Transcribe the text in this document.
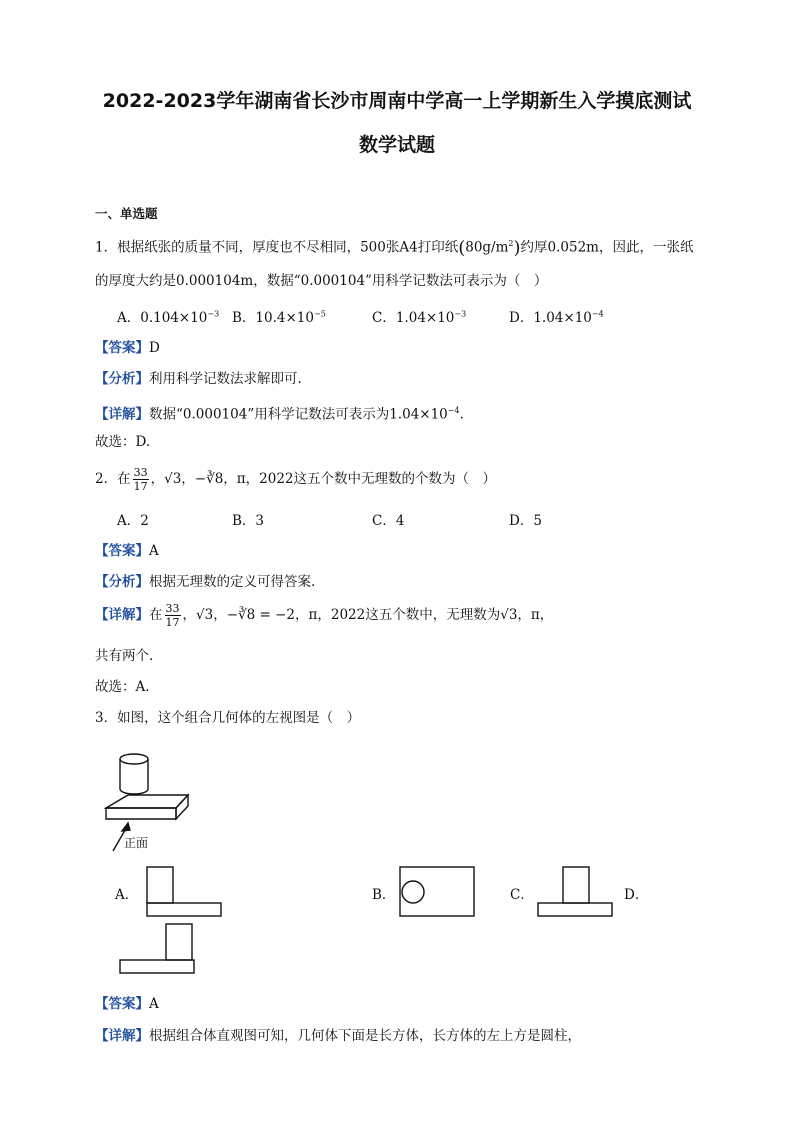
2022-2023学年湖南省长沙市周南中学高一上学期新生入学摸底测试
数学试题
一、单选题
1．根据纸张的质量不同，厚度也不尽相同，500张A4打印纸$(80g/m^2)$约厚0.052m，因此，一张纸
的厚度大约是0.000104m，数据“0.000104”用科学记数法可表示为（　）
A．$0.104\times 10^{-3}$ B．$10.4\times 10^{-5}$	C．$1.04\times 10^{-3}$	D．$1.04\times 10^{-4}$
【答案】D
【分析】利用科学记数法求解即可.
【详解】数据“0.000104”用科学记数法可表示为$1.04\times 10^{-4}$.
故选：D.
2．在 $\frac{33}{17}$ ，√3，−∛8，π，2022这五个数中无理数的个数为（　）
A．2	B．3	C．4	D．5
【答案】A
【分析】根据无理数的定义可得答案.
【详解】在 $\frac{33}{17}$ ，√3，−∛8 = −2，π，2022这五个数中，无理数为√3，π，
共有两个.
故选：A.
3．如图，这个组合几何体的左视图是（　）
正面
A．	B．	C．	D．
【答案】A
【详解】根据组合体直观图可知，几何体下面是长方体，长方体的左上方是圆柱，
